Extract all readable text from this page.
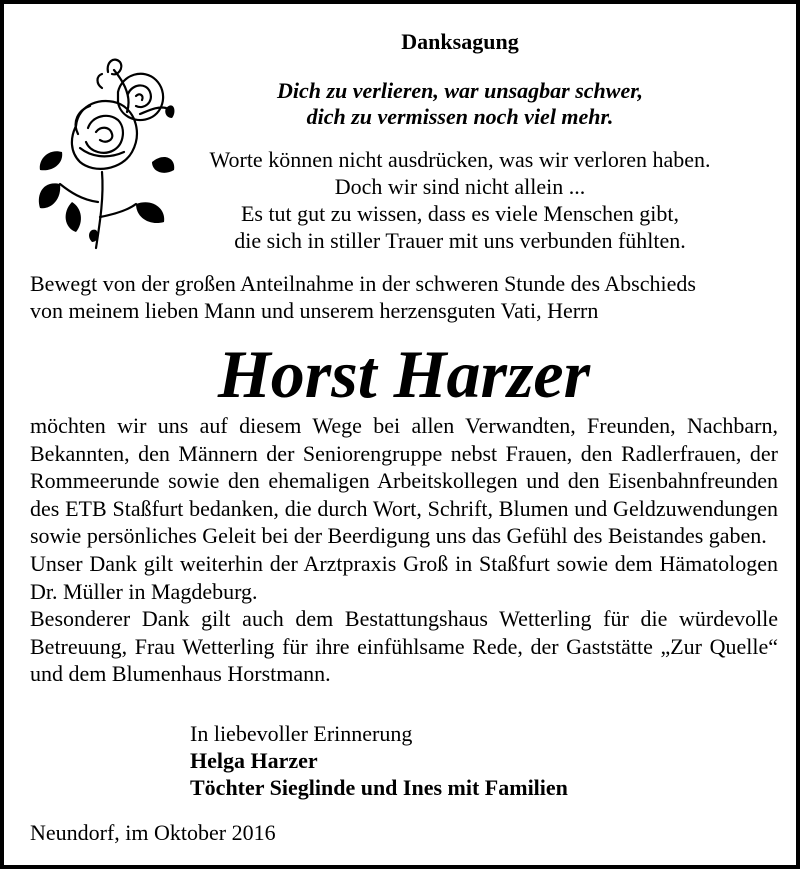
Danksagung
Dich zu verlieren, war unsagbar schwer,
dich zu vermissen noch viel mehr.
Worte können nicht ausdrücken, was wir verloren haben.
Doch wir sind nicht allein ...
Es tut gut zu wissen, dass es viele Menschen gibt,
die sich in stiller Trauer mit uns verbunden fühlten.
Bewegt von der großen Anteilnahme in der schweren Stunde des Abschieds
von meinem lieben Mann und unserem herzensguten Vati, Herrn
Horst Harzer

möchten wir uns auf diesem Wege bei allen Verwandten, Freunden, Nachbarn, Bekannten, den Männern der Seniorengruppe nebst Frauen, den Radlerfrauen, der Rommeerunde sowie den ehemaligen Arbeitskollegen und den Eisenbahnfreunden des ETB Staßfurt bedanken, die durch Wort, Schrift, Blumen und Geldzuwendungen sowie persönliches Geleit bei der Beerdigung uns das Gefühl des Beistandes gaben.

Unser Dank gilt weiterhin der Arztpraxis Groß in Staßfurt sowie dem Hämatologen Dr. Müller in Magdeburg.

Besonderer Dank gilt auch dem Bestattungshaus Wetterling für die würdevolle Betreuung, Frau Wetterling für ihre einfühlsame Rede, der Gaststätte „Zur Quelle“ und dem Blumenhaus Horstmann.

In liebevoller Erinnerung
Helga Harzer
Töchter Sieglinde und Ines mit Familien
Neundorf, im Oktober 2016
